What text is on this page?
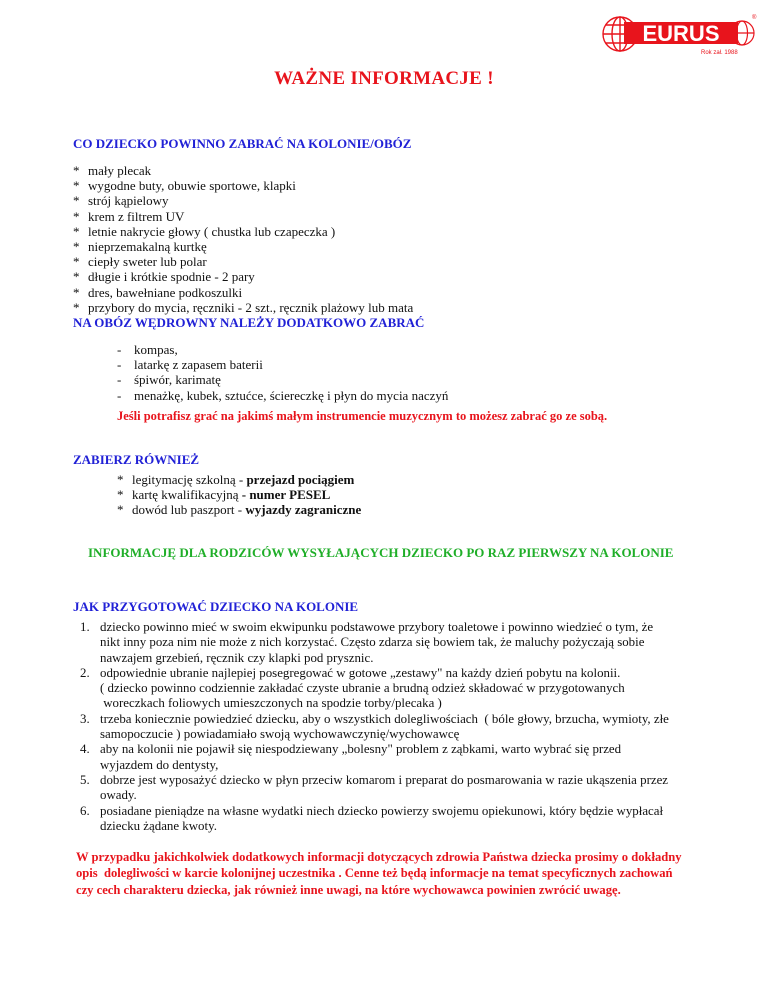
EURUS
Rok zał. 1988
®
WAŻNE INFORMACJE !
CO DZIECKO POWINNO ZABRAĆ NA KOLONIE/OBÓZ
* mały plecak
* wygodne buty, obuwie sportowe, klapki
* strój kąpielowy
* krem z filtrem UV
* letnie nakrycie głowy ( chustka lub czapeczka )
* nieprzemakalną kurtkę
* ciepły sweter lub polar
* długie i krótkie spodnie - 2 pary
* dres, bawełniane podkoszulki
* przybory do mycia, ręczniki - 2 szt., ręcznik plażowy lub mata
NA OBÓZ WĘDROWNY NALEŻY DODATKOWO ZABRAĆ
- kompas,
- latarkę z zapasem baterii
- śpiwór, karimatę
- menażkę, kubek, sztućce, ściereczkę i płyn do mycia naczyń
Jeśli potrafisz grać na jakimś małym instrumencie muzycznym to możesz zabrać go ze sobą.
ZABIERZ RÓWNIEŻ
* legitymację szkolną - przejazd pociągiem
* kartę kwalifikacyjną - numer PESEL
* dowód lub paszport - wyjazdy zagraniczne
INFORMACJĘ DLA RODZICÓW WYSYŁAJĄCYCH DZIECKO PO RAZ PIERWSZY NA KOLONIE
JAK PRZYGOTOWAĆ DZIECKO NA KOLONIE
1. dziecko powinno mieć w swoim ekwipunku podstawowe przybory toaletowe i powinno wiedzieć o tym, że
nikt inny poza nim nie może z nich korzystać. Często zdarza się bowiem tak, że maluchy pożyczają sobie
nawzajem grzebień, ręcznik czy klapki pod prysznic.
2. odpowiednie ubranie najlepiej posegregować w gotowe „zestawy" na każdy dzień pobytu na kolonii.
( dziecko powinno codziennie zakładać czyste ubranie a brudną odzież składować w przygotowanych
woreczkach foliowych umieszczonych na spodzie torby/plecaka )
3. trzeba koniecznie powiedzieć dziecku, aby o wszystkich dolegliwościach  ( bóle głowy, brzucha, wymioty, złe
samopoczucie ) powiadamiało swoją wychowawczynię/wychowawcę
4. aby na kolonii nie pojawił się niespodziewany „bolesny" problem z ząbkami, warto wybrać się przed
wyjazdem do dentysty,
5. dobrze jest wyposażyć dziecko w płyn przeciw komarom i preparat do posmarowania w razie ukąszenia przez
owady.
6. posiadane pieniądze na własne wydatki niech dziecko powierzy swojemu opiekunowi, który będzie wypłacał
dziecku żądane kwoty.
W przypadku jakichkolwiek dodatkowych informacji dotyczących zdrowia Państwa dziecka prosimy o dokładny
opis  dolegliwości w karcie kolonijnej uczestnika . Cenne też będą informacje na temat specyficznych zachowań
czy cech charakteru dziecka, jak również inne uwagi, na które wychowawca powinien zwrócić uwagę.
